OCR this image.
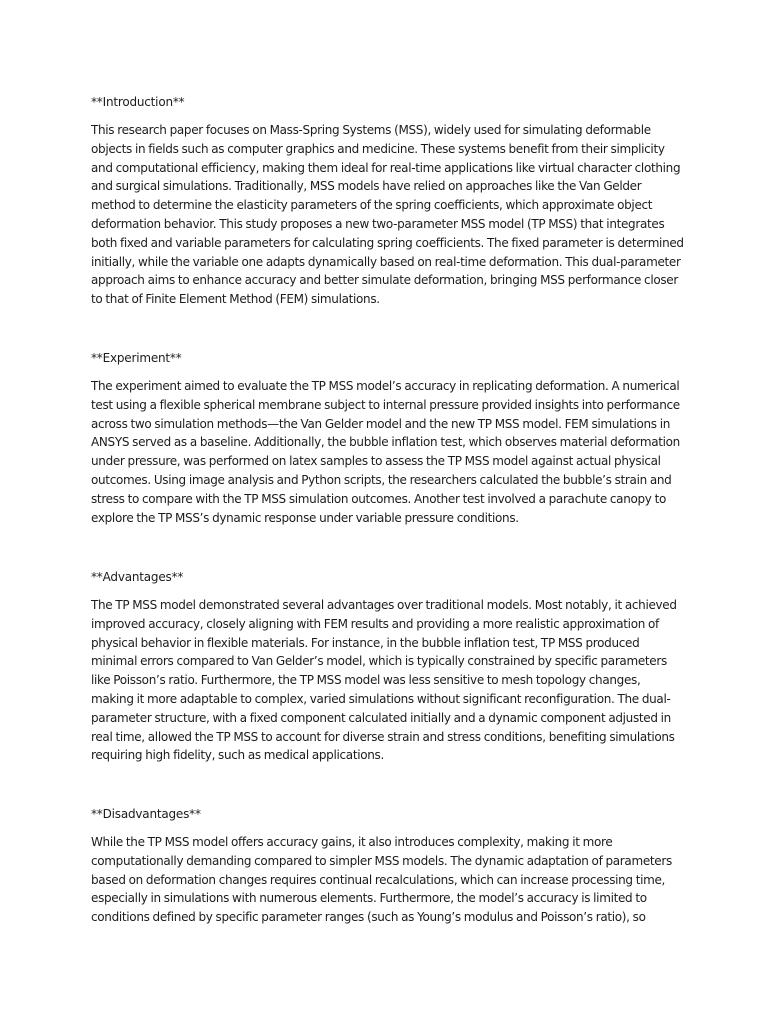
**Introduction**
This research paper focuses on Mass-Spring Systems (MSS), widely used for simulating deformable
objects in fields such as computer graphics and medicine. These systems benefit from their simplicity
and computational efficiency, making them ideal for real-time applications like virtual character clothing
and surgical simulations. Traditionally, MSS models have relied on approaches like the Van Gelder
method to determine the elasticity parameters of the spring coefficients, which approximate object
deformation behavior. This study proposes a new two-parameter MSS model (TP MSS) that integrates
both fixed and variable parameters for calculating spring coefficients. The fixed parameter is determined
initially, while the variable one adapts dynamically based on real-time deformation. This dual-parameter
approach aims to enhance accuracy and better simulate deformation, bringing MSS performance closer
to that of Finite Element Method (FEM) simulations.
**Experiment**
The experiment aimed to evaluate the TP MSS model’s accuracy in replicating deformation. A numerical
test using a flexible spherical membrane subject to internal pressure provided insights into performance
across two simulation methods—the Van Gelder model and the new TP MSS model. FEM simulations in
ANSYS served as a baseline. Additionally, the bubble inflation test, which observes material deformation
under pressure, was performed on latex samples to assess the TP MSS model against actual physical
outcomes. Using image analysis and Python scripts, the researchers calculated the bubble’s strain and
stress to compare with the TP MSS simulation outcomes. Another test involved a parachute canopy to
explore the TP MSS’s dynamic response under variable pressure conditions.
**Advantages**
The TP MSS model demonstrated several advantages over traditional models. Most notably, it achieved
improved accuracy, closely aligning with FEM results and providing a more realistic approximation of
physical behavior in flexible materials. For instance, in the bubble inflation test, TP MSS produced
minimal errors compared to Van Gelder’s model, which is typically constrained by specific parameters
like Poisson’s ratio. Furthermore, the TP MSS model was less sensitive to mesh topology changes,
making it more adaptable to complex, varied simulations without significant reconfiguration. The dual-
parameter structure, with a fixed component calculated initially and a dynamic component adjusted in
real time, allowed the TP MSS to account for diverse strain and stress conditions, benefiting simulations
requiring high fidelity, such as medical applications.
**Disadvantages**
While the TP MSS model offers accuracy gains, it also introduces complexity, making it more
computationally demanding compared to simpler MSS models. The dynamic adaptation of parameters
based on deformation changes requires continual recalculations, which can increase processing time,
especially in simulations with numerous elements. Furthermore, the model’s accuracy is limited to
conditions defined by specific parameter ranges (such as Young’s modulus and Poisson’s ratio), so
